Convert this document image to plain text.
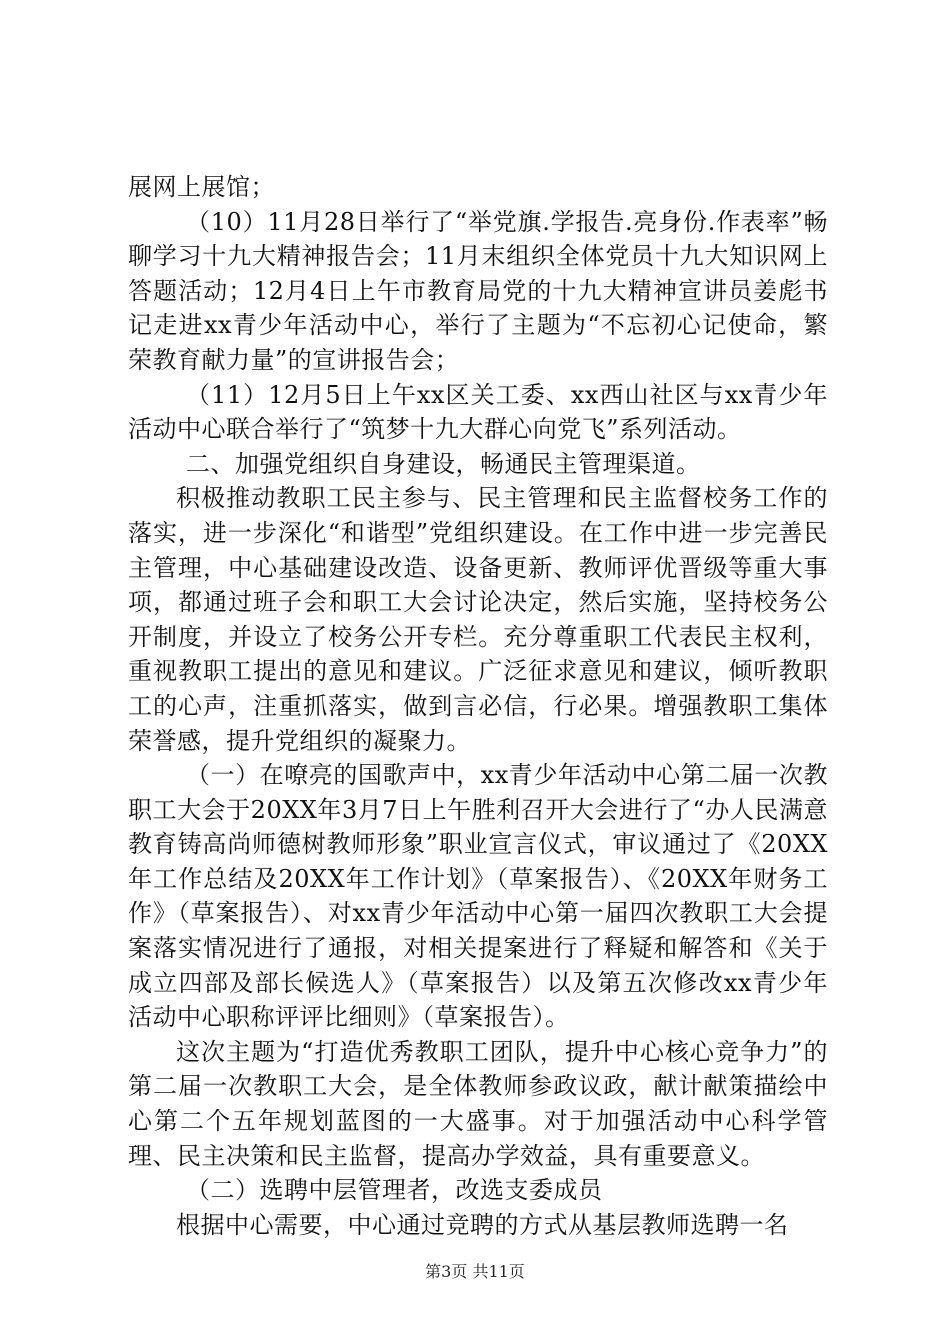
展网上展馆；

（10）11月28日举行了“举党旗.学报告.亮身份.作表率”畅聊学习十九大精神报告会；11月末组织全体党员十九大知识网上答题活动；12月4日上午市教育局党的十九大精神宣讲员姜彪书记走进xx青少年活动中心，举行了主题为“不忘初心记使命，繁荣教育献力量”的宣讲报告会；

（11）12月5日上午xx区关工委、xx西山社区与xx青少年活动中心联合举行了“筑梦十九大群心向党飞”系列活动。

二、加强党组织自身建设，畅通民主管理渠道。

积极推动教职工民主参与、民主管理和民主监督校务工作的落实，进一步深化“和谐型”党组织建设。在工作中进一步完善民主管理，中心基础建设改造、设备更新、教师评优晋级等重大事项，都通过班子会和职工大会讨论决定，然后实施，坚持校务公开制度，并设立了校务公开专栏。充分尊重职工代表民主权利，重视教职工提出的意见和建议。广泛征求意见和建议，倾听教职工的心声，注重抓落实，做到言必信，行必果。增强教职工集体荣誉感，提升党组织的凝聚力。

（一）在嘹亮的国歌声中，xx青少年活动中心第二届一次教职工大会于20XX年3月7日上午胜利召开大会进行了“办人民满意教育铸高尚师德树教师形象”职业宣言仪式，审议通过了《20XX年工作总结及20XX年工作计划》（草案报告）、《20XX年财务工作》（草案报告）、对xx青少年活动中心第一届四次教职工大会提案落实情况进行了通报，对相关提案进行了释疑和解答和《关于成立四部及部长候选人》（草案报告）以及第五次修改xx青少年活动中心职称评评比细则》（草案报告）。

这次主题为“打造优秀教职工团队，提升中心核心竞争力”的第二届一次教职工大会，是全体教师参政议政，献计献策描绘中心第二个五年规划蓝图的一大盛事。对于加强活动中心科学管理、民主决策和民主监督，提高办学效益，具有重要意义。

（二）选聘中层管理者，改选支委成员

根据中心需要，中心通过竞聘的方式从基层教师选聘一名

第3页 共11页
